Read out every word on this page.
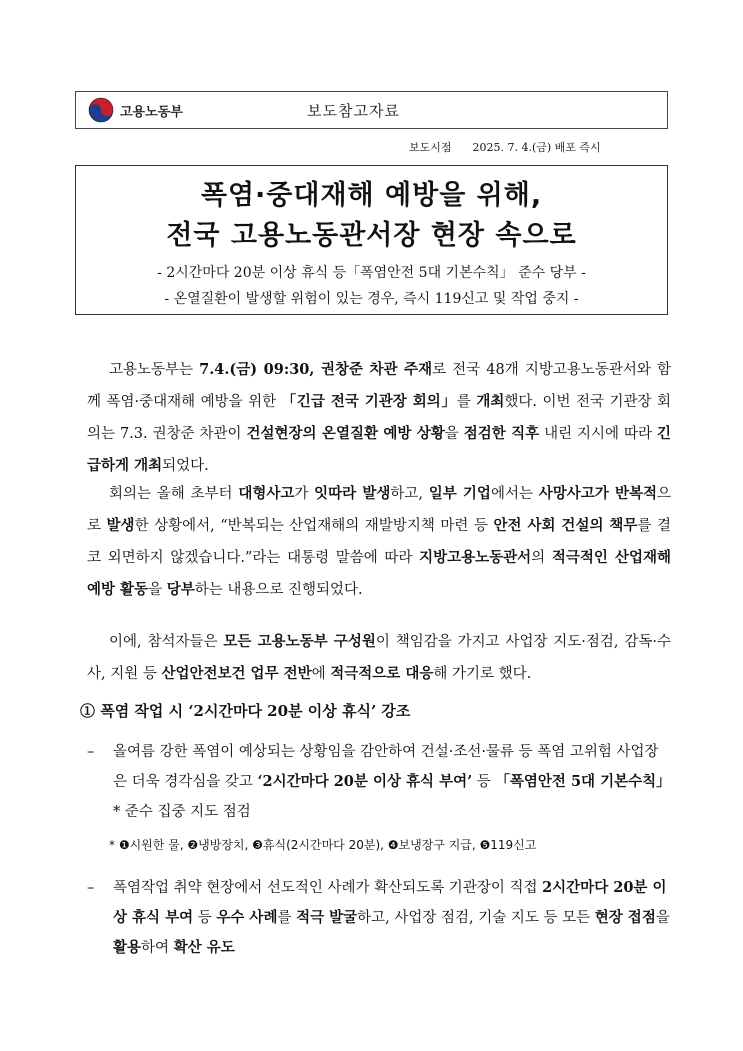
고용노동부	보도참고자료
보도시점 2025. 7. 4.(금) 배포 즉시
폭염·중대재해 예방을 위해,
전국 고용노동관서장 현장 속으로
- 2시간마다 20분 이상 휴식 등「폭염안전 5대 기본수칙」 준수 당부 -
- 온열질환이 발생할 위험이 있는 경우, 즉시 119신고 및 작업 중지 -
고용노동부는 7.4.(금) 09:30, 권창준 차관 주재로 전국 48개 지방고용노동관서와 함께 폭염·중대재해 예방을 위한 「긴급 전국 기관장 회의」를 개최했다. 이번 전국 기관장 회의는 7.3. 권창준 차관이 건설현장의 온열질환 예방 상황을 점검한 직후 내린 지시에 따라 긴급하게 개최되었다.
회의는 올해 초부터 대형사고가 잇따라 발생하고, 일부 기업에서는 사망사고가 반복적으로 발생한 상황에서, “반복되는 산업재해의 재발방지책 마련 등 안전 사회 건설의 책무를 결코 외면하지 않겠습니다.”라는 대통령 말씀에 따라 지방고용노동관서의 적극적인 산업재해 예방 활동을 당부하는 내용으로 진행되었다.
이에, 참석자들은 모든 고용노동부 구성원이 책임감을 가지고 사업장 지도·점검, 감독·수사, 지원 등 산업안전보건 업무 전반에 적극적으로 대응해 가기로 했다.
① 폭염 작업 시 ‘2시간마다 20분 이상 휴식’ 강조
– 올여름 강한 폭염이 예상되는 상황임을 감안하여 건설·조선·물류 등 폭염 고위험 사업장은 더욱 경각심을 갖고 ‘2시간마다 20분 이상 휴식 부여’ 등 「폭염안전 5대 기본수칙」* 준수 집중 지도 점검
* ❶시원한 물, ❷냉방장치, ❸휴식(2시간마다 20분), ❹보냉장구 지급, ❺119신고
– 폭염작업 취약 현장에서 선도적인 사례가 확산되도록 기관장이 직접 2시간마다 20분 이상 휴식 부여 등 우수 사례를 적극 발굴하고, 사업장 점검, 기술 지도 등 모든 현장 접점을 활용하여 확산 유도
